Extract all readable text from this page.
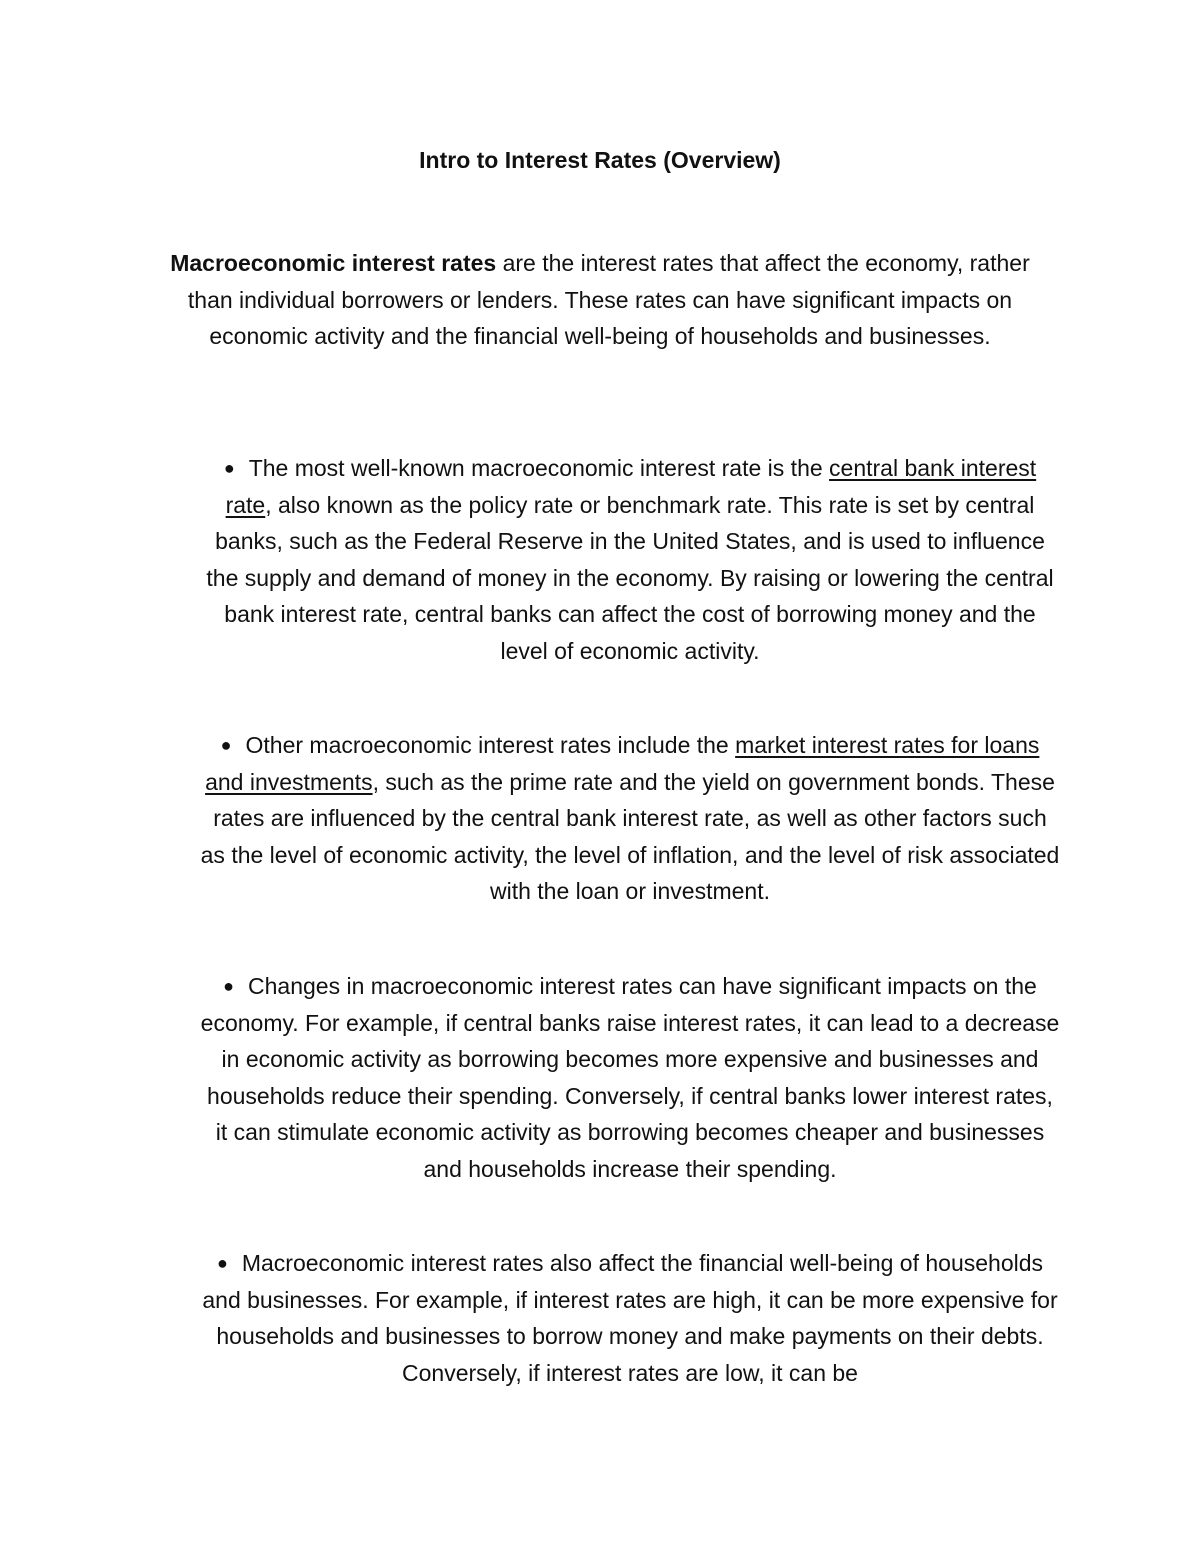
Intro to Interest Rates (Overview)

Macroeconomic interest rates are the interest rates that affect the economy, rather than individual borrowers or lenders. These rates can have significant impacts on economic activity and the financial well-being of households and businesses.

● The most well-known macroeconomic interest rate is the central bank interest rate, also known as the policy rate or benchmark rate. This rate is set by central banks, such as the Federal Reserve in the United States, and is used to influence the supply and demand of money in the economy. By raising or lowering the central bank interest rate, central banks can affect the cost of borrowing money and the level of economic activity.

● Other macroeconomic interest rates include the market interest rates for loans and investments, such as the prime rate and the yield on government bonds. These rates are influenced by the central bank interest rate, as well as other factors such as the level of economic activity, the level of inflation, and the level of risk associated with the loan or investment.

● Changes in macroeconomic interest rates can have significant impacts on the economy. For example, if central banks raise interest rates, it can lead to a decrease in economic activity as borrowing becomes more expensive and businesses and households reduce their spending. Conversely, if central banks lower interest rates, it can stimulate economic activity as borrowing becomes cheaper and businesses and households increase their spending.

● Macroeconomic interest rates also affect the financial well-being of households and businesses. For example, if interest rates are high, it can be more expensive for households and businesses to borrow money and make payments on their debts. Conversely, if interest rates are low, it can be
